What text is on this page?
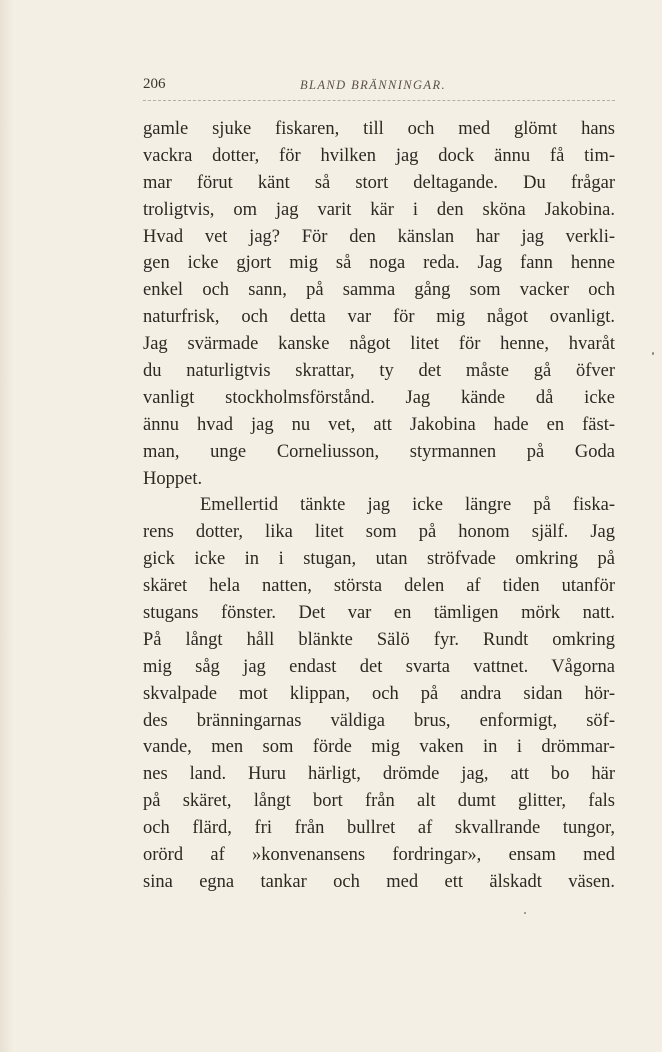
206	BLAND BRÄNNINGAR.
gamle sjuke fiskaren, till och med glömt hans
vackra dotter, för hvilken jag dock ännu få tim-
mar förut känt så stort deltagande. Du frågar
troligtvis, om jag varit kär i den sköna Jakobina.
Hvad vet jag? För den känslan har jag verkli-
gen icke gjort mig så noga reda. Jag fann henne
enkel och sann, på samma gång som vacker och
naturfrisk, och detta var för mig något ovanligt.
Jag svärmade kanske något litet för henne, hvaråt
du naturligtvis skrattar, ty det måste gå öfver
vanligt stockholmsförstånd. Jag kände då icke
ännu hvad jag nu vet, att Jakobina hade en fäst-
man, unge Corneliusson, styrmannen på Goda
Hoppet.
Emellertid tänkte jag icke längre på fiska-
rens dotter, lika litet som på honom själf. Jag
gick icke in i stugan, utan ströfvade omkring på
skäret hela natten, största delen af tiden utanför
stugans fönster. Det var en tämligen mörk natt.
På långt håll blänkte Sälö fyr. Rundt omkring
mig såg jag endast det svarta vattnet. Vågorna
skvalpade mot klippan, och på andra sidan hör-
des bränningarnas väldiga brus, enformigt, söf-
vande, men som förde mig vaken in i drömmar-
nes land. Huru härligt, drömde jag, att bo här
på skäret, långt bort från alt dumt glitter, fals
och flärd, fri från bullret af skvallrande tungor,
orörd af »konvenansens fordringar», ensam med
sina egna tankar och med ett älskadt väsen.
